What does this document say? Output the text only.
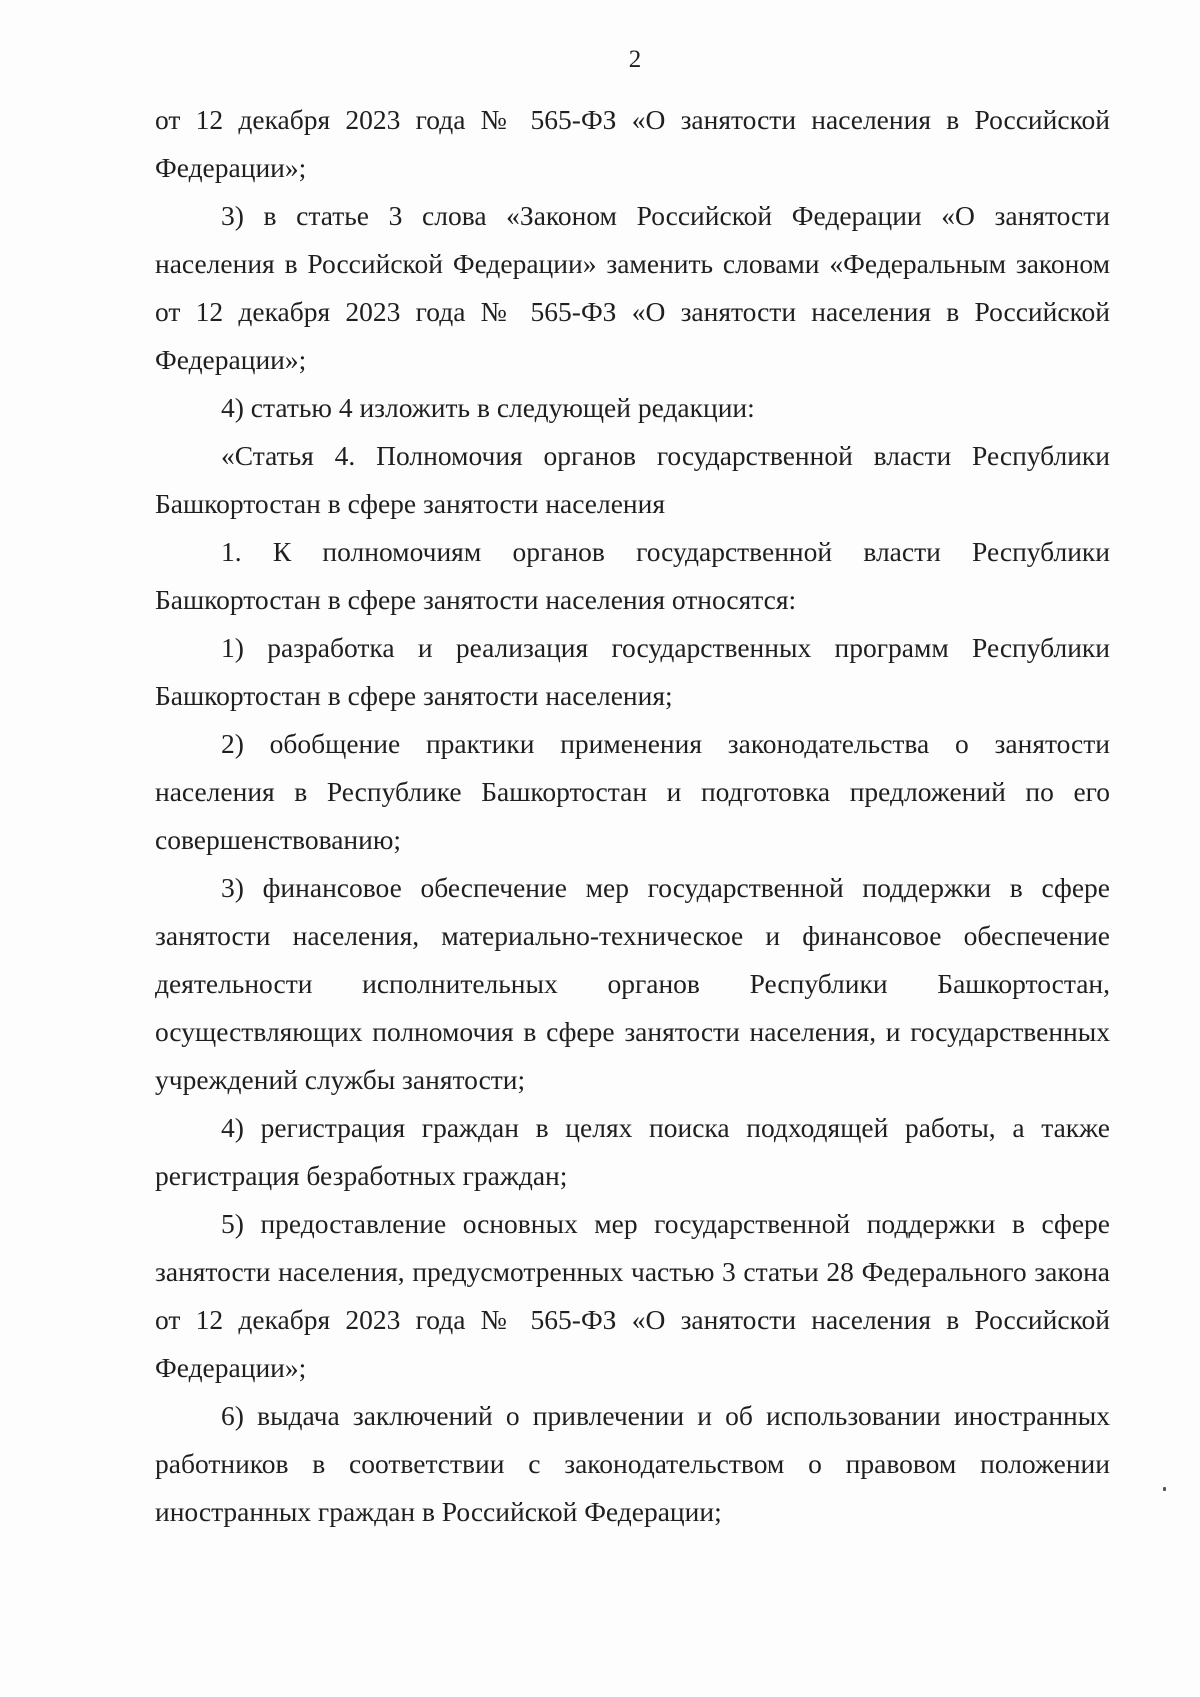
2

от 12 декабря 2023 года № 565-ФЗ «О занятости населения в Российской Федерации»;

3) в статье 3 слова «Законом Российской Федерации «О занятости населения в Российской Федерации» заменить словами «Федеральным законом от 12 декабря 2023 года № 565-ФЗ «О занятости населения в Российской Федерации»;

4) статью 4 изложить в следующей редакции:

«Статья 4. Полномочия органов государственной власти Республики Башкортостан в сфере занятости населения

1. К полномочиям органов государственной власти Республики Башкортостан в сфере занятости населения относятся:

1) разработка и реализация государственных программ Республики Башкортостан в сфере занятости населения;

2) обобщение практики применения законодательства о занятости населения в Республике Башкортостан и подготовка предложений по его совершенствованию;

3) финансовое обеспечение мер государственной поддержки в сфере занятости населения, материально-техническое и финансовое обеспечение деятельности исполнительных органов Республики Башкортостан, осуществляющих полномочия в сфере занятости населения, и государственных учреждений службы занятости;

4) регистрация граждан в целях поиска подходящей работы, а также регистрация безработных граждан;

5) предоставление основных мер государственной поддержки в сфере занятости населения, предусмотренных частью 3 статьи 28 Федерального закона от 12 декабря 2023 года № 565-ФЗ «О занятости населения в Российской Федерации»;

6) выдача заключений о привлечении и об использовании иностранных работников в соответствии с законодательством о правовом положении иностранных граждан в Российской Федерации;
